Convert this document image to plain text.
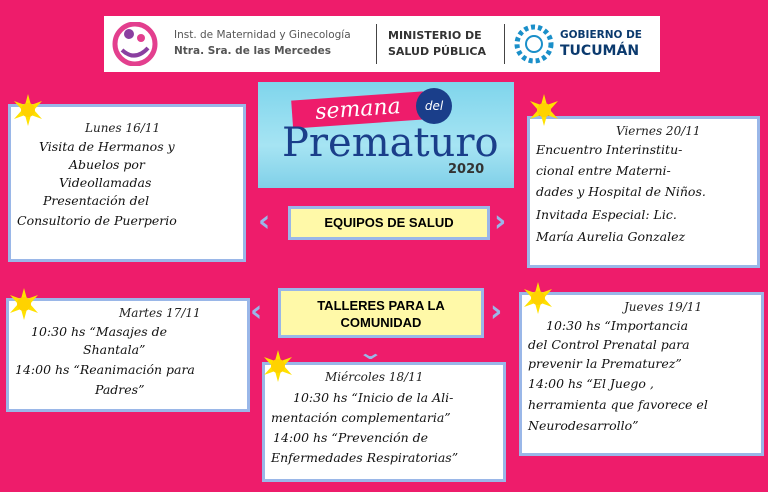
Inst. de Maternidad y Ginecología
Ntra. Sra. de las Mercedes
MINISTERIO DE
SALUD PÚBLICA
GOBIERNO DE
TUCUMÁN
semana	del
Prematuro
2020
Lunes 16/11
Visita de Hermanos y
Abuelos por
Videollamadas
Presentación del
Consultorio de Puerperio
Viernes 20/11
Encuentro Interinstitu-
cional entre Materni-
dades y Hospital de Niños.
Invitada Especial: Lic.
María Aurelia Gonzalez
Martes 17/11
10:30 hs “Masajes de
Shantala”
14:00 hs “Reanimación para
Padres”
Jueves 19/11
10:30 hs “Importancia
del Control Prenatal para
prevenir la Prematurez”
14:00 hs “El Juego ,
herramienta que favorece el
Neurodesarrollo”
Miércoles 18/11
10:30 hs “Inicio de la Ali-
mentación complementaria”
14:00 hs “Prevención de
Enfermedades Respiratorias”
EQUIPOS DE SALUD
‹	›
TALLERES PARA LA
COMUNIDAD
‹	›
⌄
